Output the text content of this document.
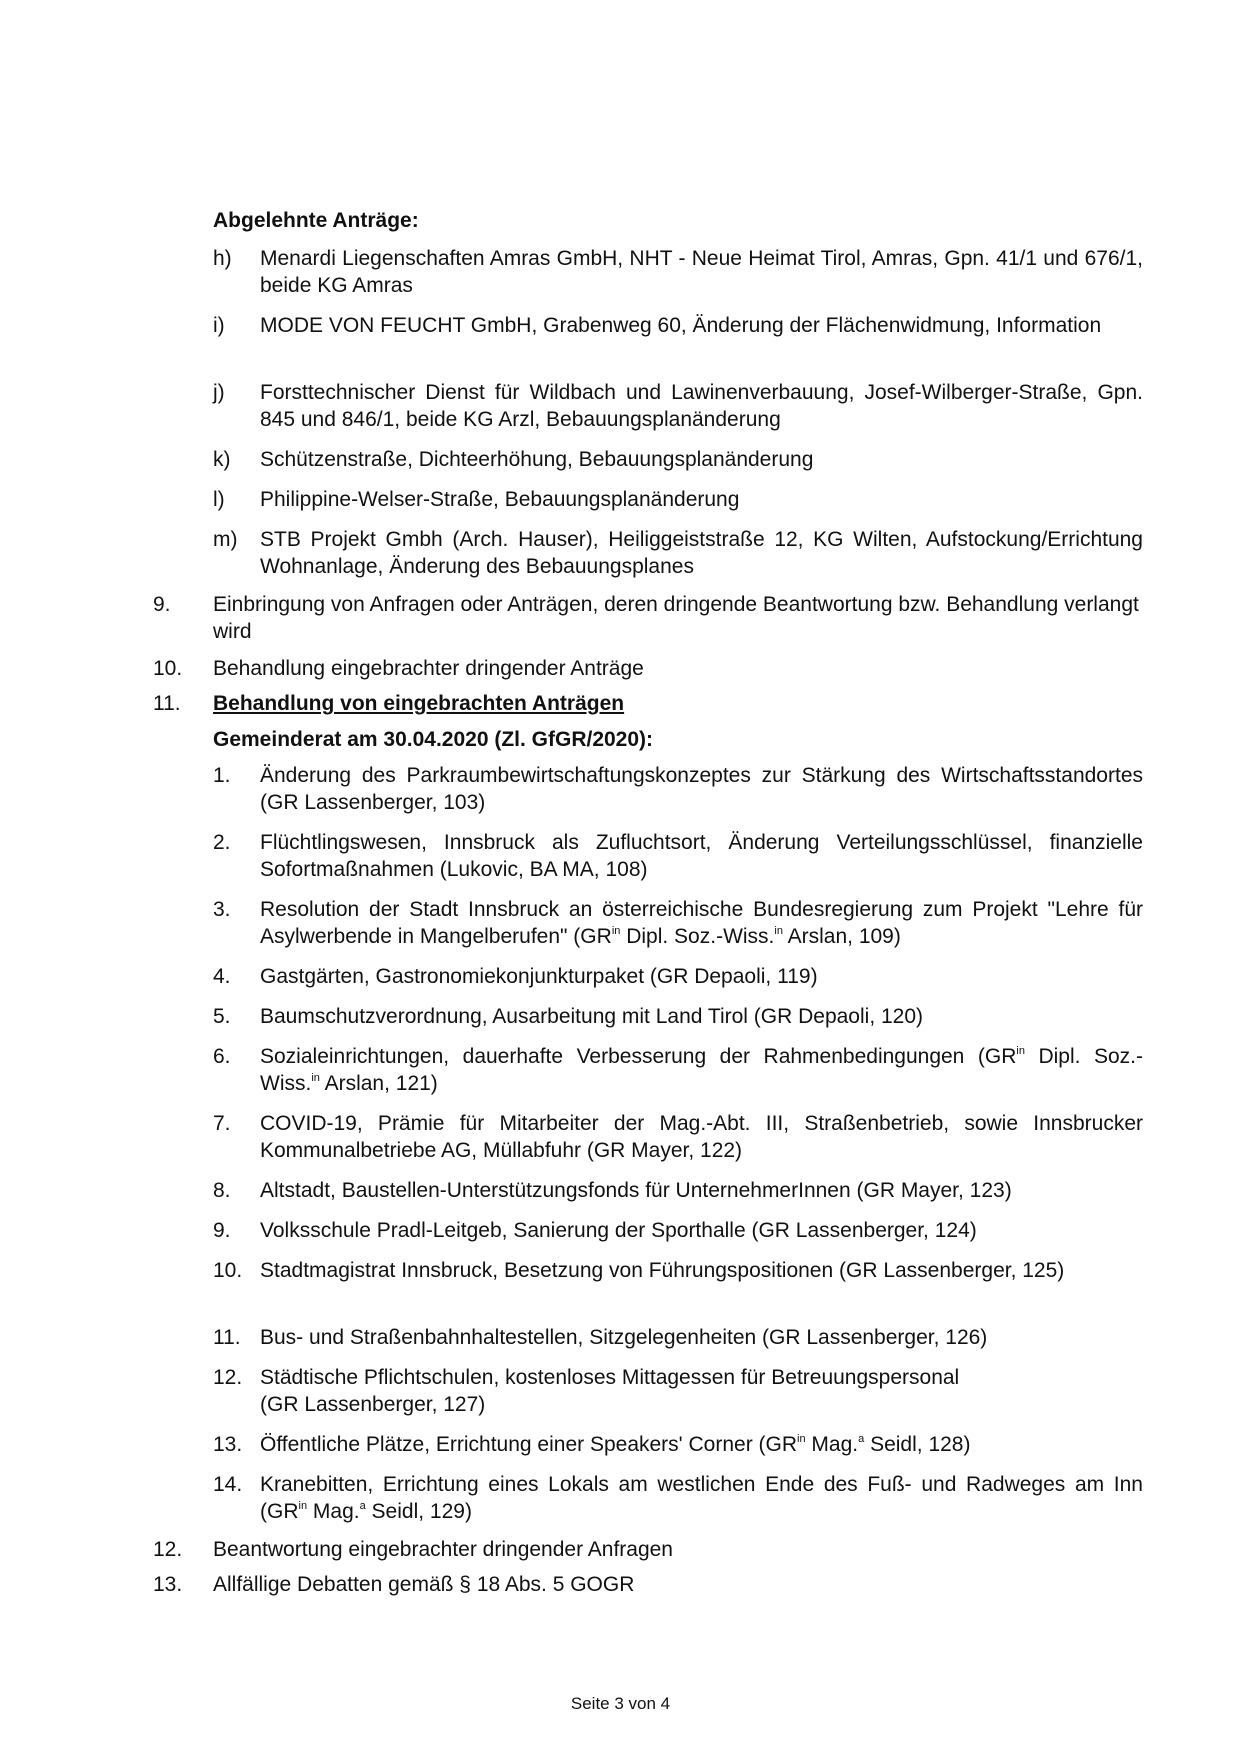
Abgelehnte Anträge:
h)	Menardi Liegenschaften Amras GmbH, NHT - Neue Heimat Tirol, Amras, Gpn. 41/1 und 676/1, beide KG Amras
i)	MODE VON FEUCHT GmbH, Grabenweg 60, Änderung der Flächenwidmung, Information
j)	Forsttechnischer Dienst für Wildbach und Lawinenverbauung, Josef-Wilberger-Straße, Gpn. 845 und 846/1, beide KG Arzl, Bebauungsplanänderung
k)	Schützenstraße, Dichteerhöhung, Bebauungsplanänderung
l)	Philippine-Welser-Straße, Bebauungsplanänderung
m)	STB Projekt Gmbh (Arch. Hauser), Heiliggeiststraße 12, KG Wilten, Aufstockung/Errichtung Wohnanlage, Änderung des Bebauungsplanes
9.	Einbringung von Anfragen oder Anträgen, deren dringende Beantwortung bzw. Behandlung verlangt wird
10.	Behandlung eingebrachter dringender Anträge
11.	Behandlung von eingebrachten Anträgen
Gemeinderat am 30.04.2020 (Zl. GfGR/2020):
1.	Änderung des Parkraumbewirtschaftungskonzeptes zur Stärkung des Wirtschaftsstandortes (GR Lassenberger, 103)
2.	Flüchtlingswesen, Innsbruck als Zufluchtsort, Änderung Verteilungsschlüssel, finanzielle Sofortmaßnahmen (Lukovic, BA MA, 108)
3.	Resolution der Stadt Innsbruck an österreichische Bundesregierung zum Projekt "Lehre für Asylwerbende in Mangelberufen" ($GR^{in}$ Dipl. Soz.-Wiss.$^{in}$ Arslan, 109)
4.	Gastgärten, Gastronomiekonjunkturpaket (GR Depaoli, 119)
5.	Baumschutzverordnung, Ausarbeitung mit Land Tirol (GR Depaoli, 120)
6.	Sozialeinrichtungen, dauerhafte Verbesserung der Rahmenbedingungen ($GR^{in}$ Dipl. Soz.-Wiss.$^{in}$ Arslan, 121)
7.	COVID-19, Prämie für Mitarbeiter der Mag.-Abt. III, Straßenbetrieb, sowie Innsbrucker Kommunalbetriebe AG, Müllabfuhr (GR Mayer, 122)
8.	Altstadt, Baustellen-Unterstützungsfonds für UnternehmerInnen (GR Mayer, 123)
9.	Volksschule Pradl-Leitgeb, Sanierung der Sporthalle (GR Lassenberger, 124)
10. Stadtmagistrat Innsbruck, Besetzung von Führungspositionen (GR Lassenberger, 125)
11. Bus- und Straßenbahnhaltestellen, Sitzgelegenheiten (GR Lassenberger, 126)
12. Städtische Pflichtschulen, kostenloses Mittagessen für Betreuungspersonal
(GR Lassenberger, 127)
13. Öffentliche Plätze, Errichtung einer Speakers' Corner ($GR^{in}$ Mag.$^a$ Seidl, 128)
14. Kranebitten, Errichtung eines Lokals am westlichen Ende des Fuß- und Radweges am Inn ($GR^{in}$ Mag.$^a$ Seidl, 129)
12.	Beantwortung eingebrachter dringender Anfragen
13.	Allfällige Debatten gemäß § 18 Abs. 5 GOGR
Seite 3 von 4
